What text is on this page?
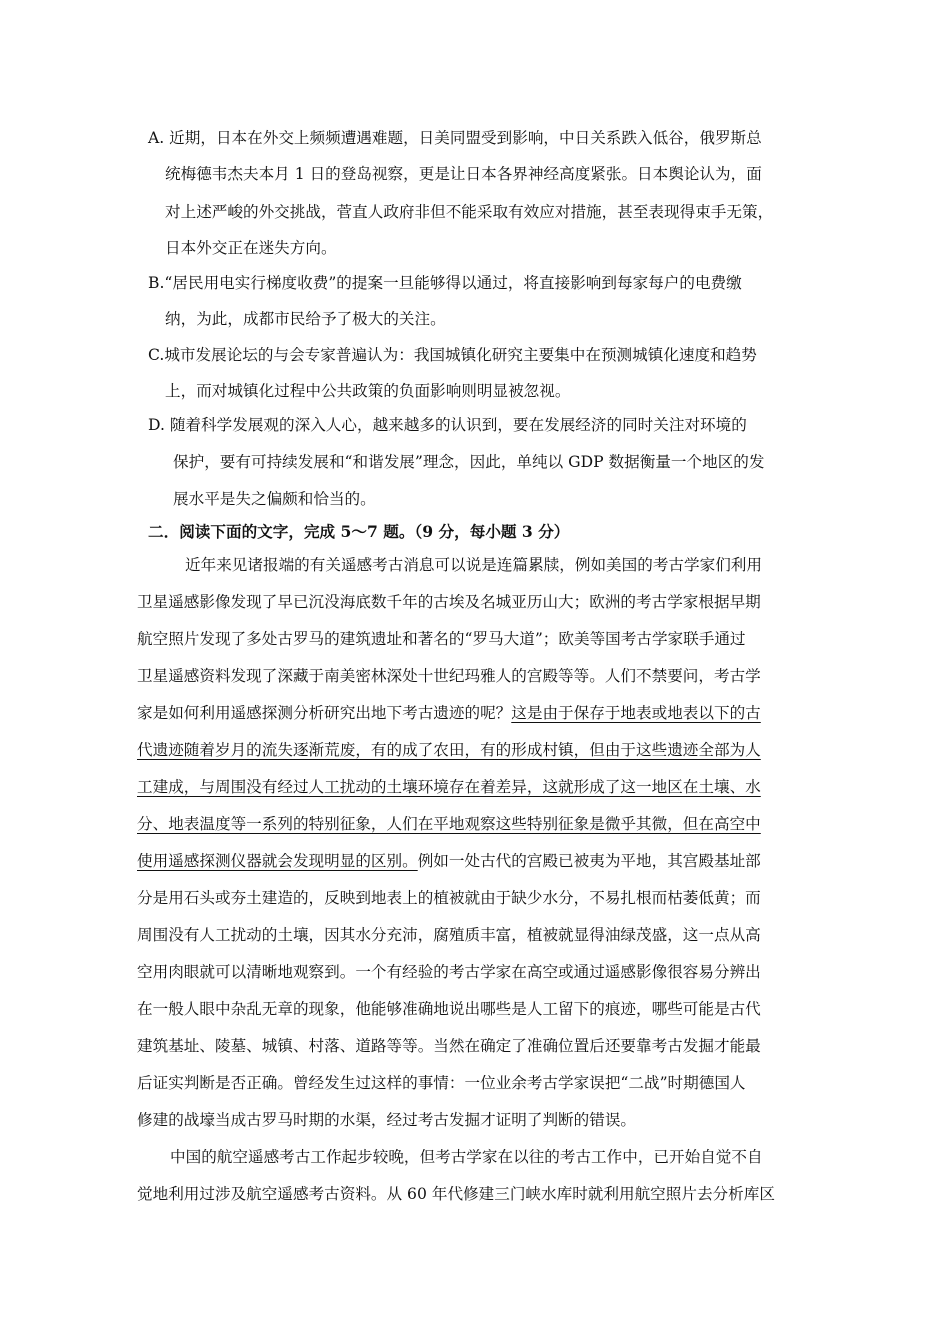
A. 近期，日本在外交上频频遭遇难题，日美同盟受到影响，中日关系跌入低谷，俄罗斯总
统梅德韦杰夫本月 1 日的登岛视察，更是让日本各界神经高度紧张。日本舆论认为，面
对上述严峻的外交挑战，菅直人政府非但不能采取有效应对措施，甚至表现得束手无策，
日本外交正在迷失方向。
B.“居民用电实行梯度收费”的提案一旦能够得以通过，将直接影响到每家每户的电费缴
纳，为此，成都市民给予了极大的关注。
C.城市发展论坛的与会专家普遍认为：我国城镇化研究主要集中在预测城镇化速度和趋势
上，而对城镇化过程中公共政策的负面影响则明显被忽视。
D. 随着科学发展观的深入人心，越来越多的认识到，要在发展经济的同时关注对环境的
保护，要有可持续发展和“和谐发展”理念，因此，单纯以 GDP 数据衡量一个地区的发
展水平是失之偏颇和恰当的。
二．阅读下面的文字，完成 5～7 题。（9 分，每小题 3 分）
近年来见诸报端的有关遥感考古消息可以说是连篇累牍，例如美国的考古学家们利用
卫星遥感影像发现了早已沉没海底数千年的古埃及名城亚历山大；欧洲的考古学家根据早期
航空照片发现了多处古罗马的建筑遗址和著名的“罗马大道”；欧美等国考古学家联手通过
卫星遥感资料发现了深藏于南美密林深处十世纪玛雅人的宫殿等等。人们不禁要问，考古学
家是如何利用遥感探测分析研究出地下考古遗迹的呢？这是由于保存于地表或地表以下的古
代遗迹随着岁月的流失逐渐荒废，有的成了农田，有的形成村镇，但由于这些遗迹全部为人
工建成，与周围没有经过人工扰动的土壤环境存在着差异，这就形成了这一地区在土壤、水
分、地表温度等一系列的特别征象，人们在平地观察这些特别征象是微乎其微，但在高空中
使用遥感探测仪器就会发现明显的区别。例如一处古代的宫殿已被夷为平地，其宫殿基址部
分是用石头或夯土建造的，反映到地表上的植被就由于缺少水分，不易扎根而枯萎低黄；而
周围没有人工扰动的土壤，因其水分充沛，腐殖质丰富，植被就显得油绿茂盛，这一点从高
空用肉眼就可以清晰地观察到。一个有经验的考古学家在高空或通过遥感影像很容易分辨出
在一般人眼中杂乱无章的现象，他能够准确地说出哪些是人工留下的痕迹，哪些可能是古代
建筑基址、陵墓、城镇、村落、道路等等。当然在确定了准确位置后还要靠考古发掘才能最
后证实判断是否正确。曾经发生过这样的事情：一位业余考古学家误把“二战”时期德国人
修建的战壕当成古罗马时期的水渠，经过考古发掘才证明了判断的错误。
中国的航空遥感考古工作起步较晚，但考古学家在以往的考古工作中，已开始自觉不自
觉地利用过涉及航空遥感考古资料。从 60 年代修建三门峡水库时就利用航空照片去分析库区
